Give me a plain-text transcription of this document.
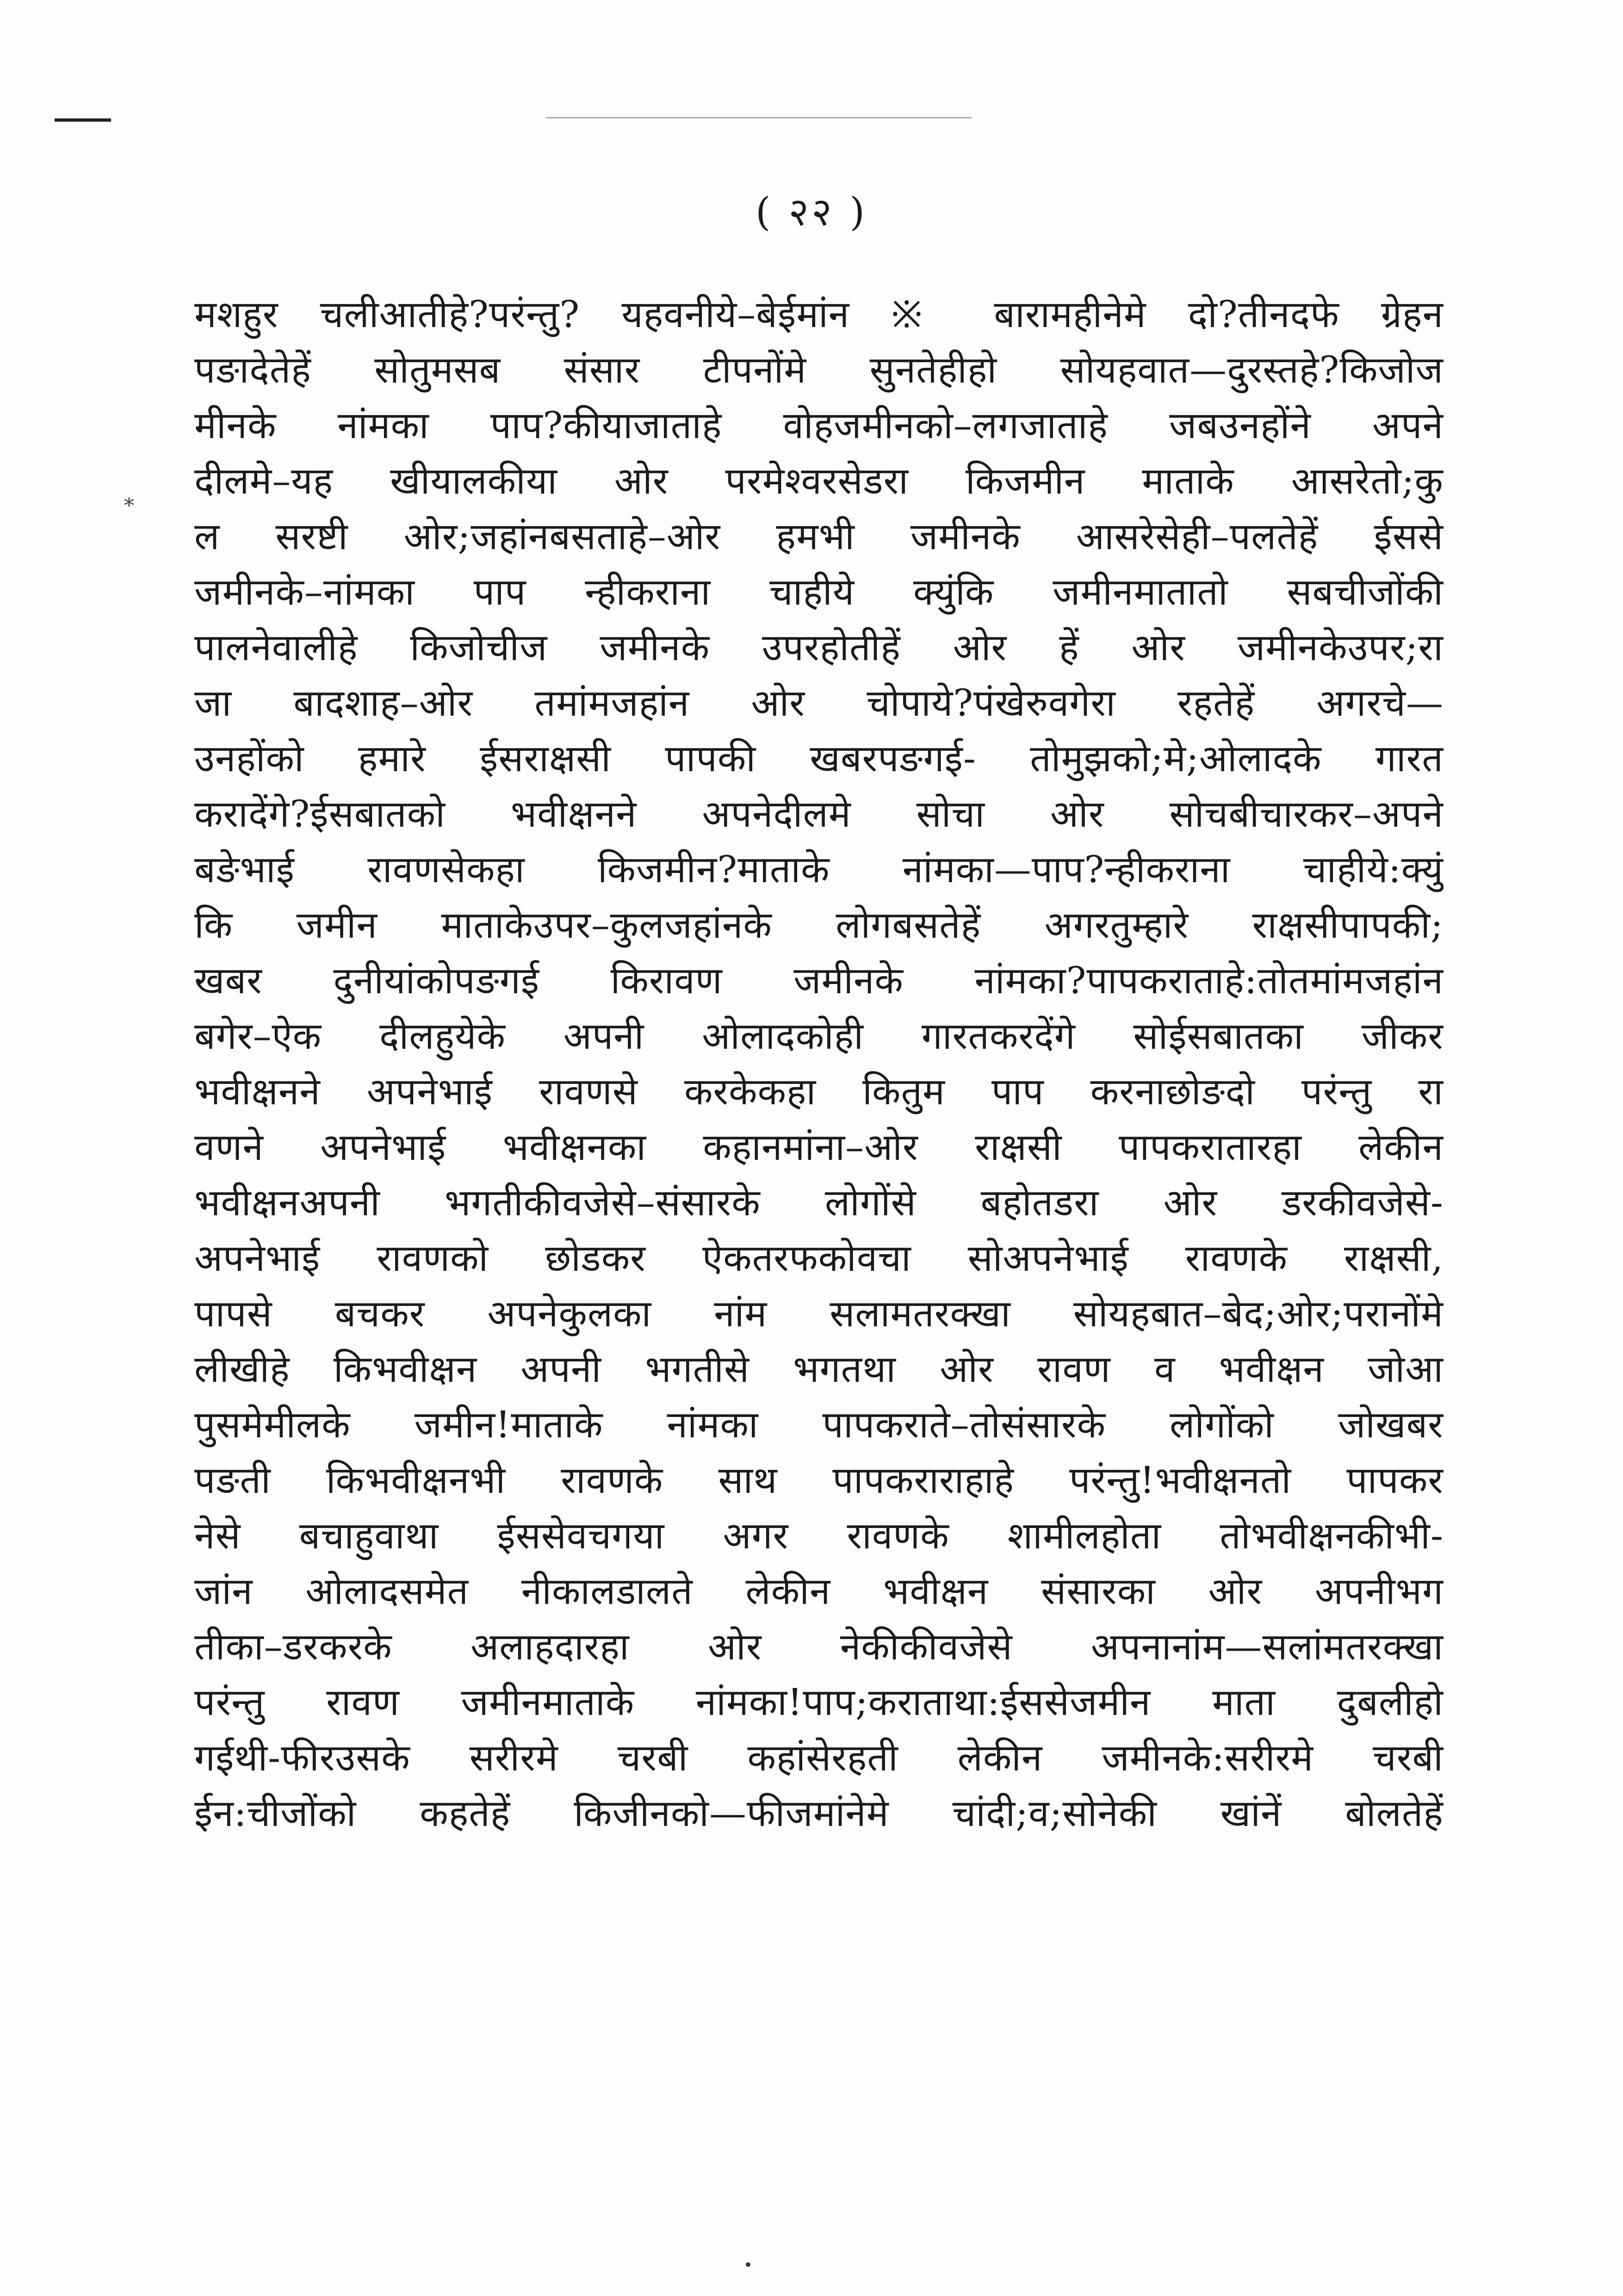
( २२ )
*
मशहुर चलीआतीहे?परंन्तु? यहवनीये–बेईमांन ※ बारामहीनेमे दो?तीनदफे ग्रेहन
पङादेतेहें सोतुमसब संसार टीपनोंमे सुनतेहीहो सोयहवात—दुरस्तहे?किजोज
मीनके नांमका पाप?कीयाजाताहे वोहजमीनको–लगजाताहे जबउनहोंने अपने
दीलमे–यह खीयालकीया ओर परमेश्वरसेडरा किजमीन माताके आसरेतो;कु
ल सरष्टी ओर;जहांनबसताहे–ओर हमभी जमीनके आसरेसेही–पलतेहें ईससे
जमीनके–नांमका पाप न्हीकराना चाहीये क्युंकि जमीनमातातो सबचीजोंकी
पालनेवालीहे किजोचीज जमीनके उपरहोतीहें ओर हें ओर जमीनकेउपर;रा
जा बादशाह–ओर तमांमजहांन ओर चोपाये?पंखेरुवगेरा रहतेहें अगरचे—
उनहोंको हमारे ईसराक्षसी पापकी खबरपङगई- तोमुझको;मे;ओलादके गारत
करादेंगे?ईसबातको भवीक्षनने अपनेदीलमे सोचा ओर सोचबीचारकर–अपने
बङेभाई रावणसेकहा किजमीन?माताके नांमका—पाप?न्हीकराना चाहीये:क्युं
कि जमीन माताकेउपर–कुलजहांनके लोगबसतेहें अगरतुम्हारे राक्षसीपापकी;
खबर दुनीयांकोपङगई किरावण जमीनके नांमका?पापकराताहे:तोतमांमजहांन
बगेर–ऐक दीलहुयेके अपनी ओलादकोही गारतकरदेंगे सोईसबातका जीकर
भवीक्षनने अपनेभाई रावणसे करकेकहा कितुम पाप करनाछोङदो परंन्तु रा
वणने अपनेभाई भवीक्षनका कहानमांना–ओर राक्षसी पापकरातारहा लेकीन
भवीक्षनअपनी भगतीकीवजेसे–संसारके लोगोंसे बहोतडरा ओर डरकीवजेसे-
अपनेभाई रावणको छोडकर ऐकतरफकोवचा सोअपनेभाई रावणके राक्षसी,
पापसे बचकर अपनेकुलका नांम सलामतरक्खा सोयहबात–बेद;ओर;परानोंमे
लीखीहे किभवीक्षन अपनी भगतीसे भगतथा ओर रावण व भवीक्षन जोआ
पुसमेमीलके जमीन!माताके नांमका पापकराते–तोसंसारके लोगोंको जोखबर
पङती किभवीक्षनभी रावणके साथ पापकराराहाहे परंन्तु!भवीक्षनतो पापकर
नेसे बचाहुवाथा ईससेवचगया अगर रावणके शामीलहोता तोभवीक्षनकीभी-
जांन ओलादसमेत नीकालडालते लेकीन भवीक्षन संसारका ओर अपनीभग
तीका–डरकरके अलाहदारहा ओर नेकीकीवजेसे अपनानांम—सलांमतरक्खा
परंन्तु रावण जमीनमाताके नांमका!पाप;कराताथा:ईससेजमीन माता दुबलीहो
गईथी-फीरउसके सरीरमे चरबी कहांसेरहती लेकीन जमीनके:सरीरमे चरबी
ईन:चीजोंको कहतेहें किजीनको—फीजमांनेमे चांदी;व;सोनेकी खांनें बोलतेहें
